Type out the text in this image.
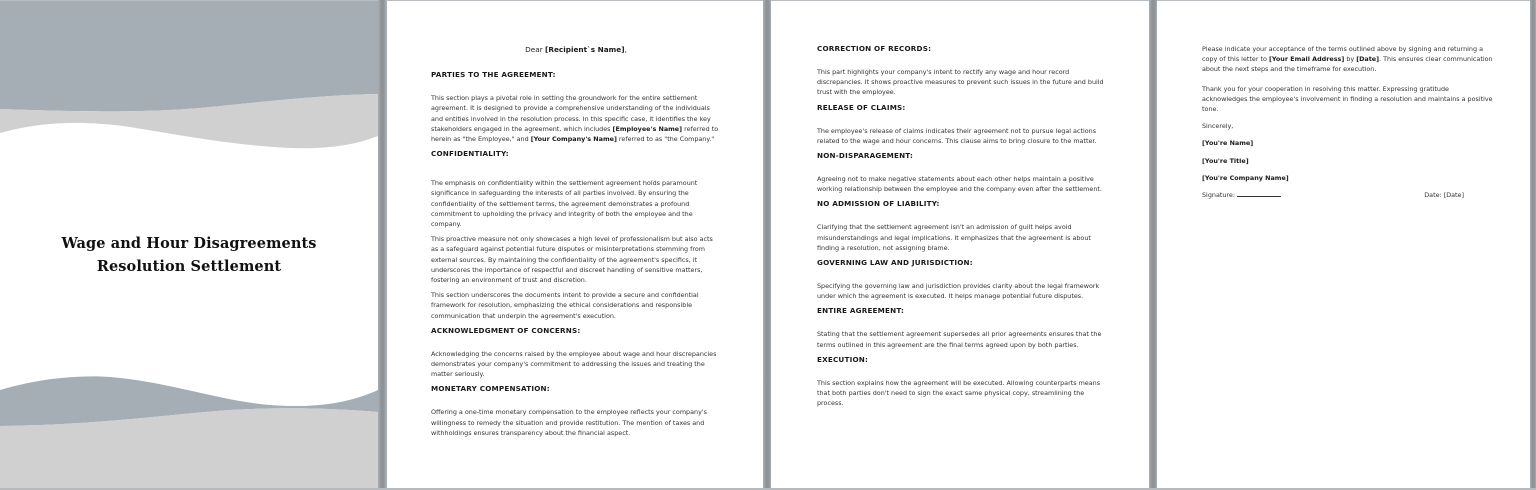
Wage and Hour Disagreements
Resolution Settlement

Dear [Recipient`s Name],

PARTIES TO THE AGREEMENT:

This section plays a pivotal role in setting the groundwork for the entire settlement agreement. It is designed to provide a comprehensive understanding of the individuals and entities involved in the resolution process. In this specific case, it identifies the key stakeholders engaged in the agreement, which includes [Employee's Name] referred to herein as "the Employee," and [Your Company's Name] referred to as "the Company."

CONFIDENTIALITY:

The emphasis on confidentiality within the settlement agreement holds paramount significance in safeguarding the interests of all parties involved. By ensuring the confidentiality of the settlement terms, the agreement demonstrates a profound commitment to upholding the privacy and integrity of both the employee and the company.

This proactive measure not only showcases a high level of professionalism but also acts as a safeguard against potential future disputes or misinterpretations stemming from external sources. By maintaining the confidentiality of the agreement's specifics, it underscores the importance of respectful and discreet handling of sensitive matters, fostering an environment of trust and discretion.

This section underscores the documents intent to provide a secure and confidential framework for resolution, emphasizing the ethical considerations and responsible communication that underpin the agreement's execution.

ACKNOWLEDGMENT OF CONCERNS:

Acknowledging the concerns raised by the employee about wage and hour discrepancies demonstrates your company's commitment to addressing the issues and treating the matter seriously.

MONETARY COMPENSATION:

Offering a one-time monetary compensation to the employee reflects your company's willingness to remedy the situation and provide restitution. The mention of taxes and withholdings ensures transparency about the financial aspect.

CORRECTION OF RECORDS:

This part highlights your company's intent to rectify any wage and hour record discrepancies. It shows proactive measures to prevent such issues in the future and build trust with the employee.

RELEASE OF CLAIMS:

The employee's release of claims indicates their agreement not to pursue legal actions related to the wage and hour concerns. This clause aims to bring closure to the matter.

NON-DISPARAGEMENT:

Agreeing not to make negative statements about each other helps maintain a positive working relationship between the employee and the company even after the settlement.

NO ADMISSION OF LIABILITY:

Clarifying that the settlement agreement isn't an admission of guilt helps avoid misunderstandings and legal implications. It emphasizes that the agreement is about finding a resolution, not assigning blame.

GOVERNING LAW AND JURISDICTION:

Specifying the governing law and jurisdiction provides clarity about the legal framework under which the agreement is executed. It helps manage potential future disputes.

ENTIRE AGREEMENT:

Stating that the settlement agreement supersedes all prior agreements ensures that the terms outlined in this agreement are the final terms agreed upon by both parties.

EXECUTION:

This section explains how the agreement will be executed. Allowing counterparts means that both parties don't need to sign the exact same physical copy, streamlining the process.

Please indicate your acceptance of the terms outlined above by signing and returning a copy of this letter to [Your Email Address] by [Date]. This ensures clear communication about the next steps and the timeframe for execution.

Thank you for your cooperation in resolving this matter. Expressing gratitude acknowledges the employee's involvement in finding a resolution and maintains a positive tone.

Sincerely,

[You're Name]

[You're Title]

[You're Company Name]

Signature:	Date: [Date]
